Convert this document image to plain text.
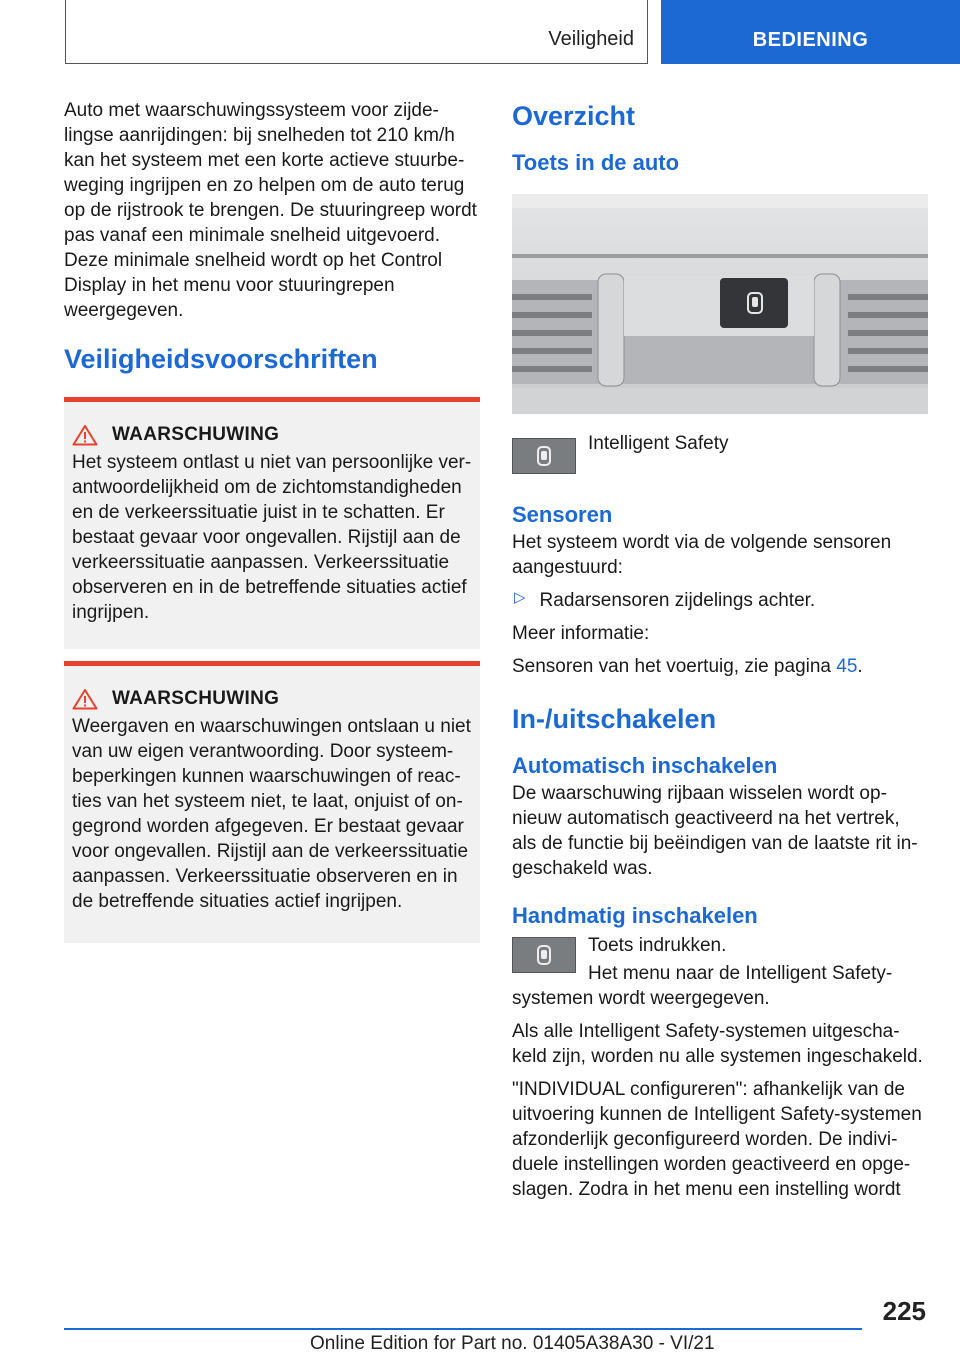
Veiligheid	BEDIENING

Auto met waarschuwingssysteem voor zijdelingse aanrijdingen: bij snelheden tot 210 km/h kan het systeem met een korte actieve stuurbeweging ingrijpen en zo helpen om de auto terug op de rijstrook te brengen. De stuuringreep wordt pas vanaf een minimale snelheid uitgevoerd. Deze minimale snelheid wordt op het Control Display in het menu voor stuuringrepen weergegeven.

Veiligheidsvoorschriften
WAARSCHUWING

Het systeem ontlast u niet van persoonlijke verantwoordelijkheid om de zichtomstandigheden en de verkeerssituatie juist in te schatten. Er bestaat gevaar voor ongevallen. Rijstijl aan de verkeerssituatie aanpassen. Verkeerssituatie observeren en in de betreffende situaties actief ingrijpen.

WAARSCHUWING

Weergaven en waarschuwingen ontslaan u niet van uw eigen verantwoording. Door systeembeperkingen kunnen waarschuwingen of reacties van het systeem niet, te laat, onjuist of ongegrond worden afgegeven. Er bestaat gevaar voor ongevallen. Rijstijl aan de verkeerssituatie aanpassen. Verkeerssituatie observeren en in de betreffende situaties actief ingrijpen.

Overzicht
Toets in de auto

Intelligent Safety

Sensoren

Het systeem wordt via de volgende sensoren aangestuurd:

▷ Radarsensoren zijdelings achter.

Meer informatie:

Sensoren van het voertuig, zie pagina 45.

In-/uitschakelen
Automatisch inschakelen

De waarschuwing rijbaan wisselen wordt opnieuw automatisch geactiveerd na het vertrek, als de functie bij beëindigen van de laatste rit ingeschakeld was.

Handmatig inschakelen

Toets indrukken.

Het menu naar de Intelligent Safety-systemen wordt weergegeven.

Als alle Intelligent Safety-systemen uitgeschakeld zijn, worden nu alle systemen ingeschakeld.

"INDIVIDUAL configureren": afhankelijk van de uitvoering kunnen de Intelligent Safety-systemen afzonderlijk geconfigureerd worden. De individuele instellingen worden geactiveerd en opgeslagen. Zodra in het menu een instelling wordt

225
Online Edition for Part no. 01405A38A30 - VI/21
